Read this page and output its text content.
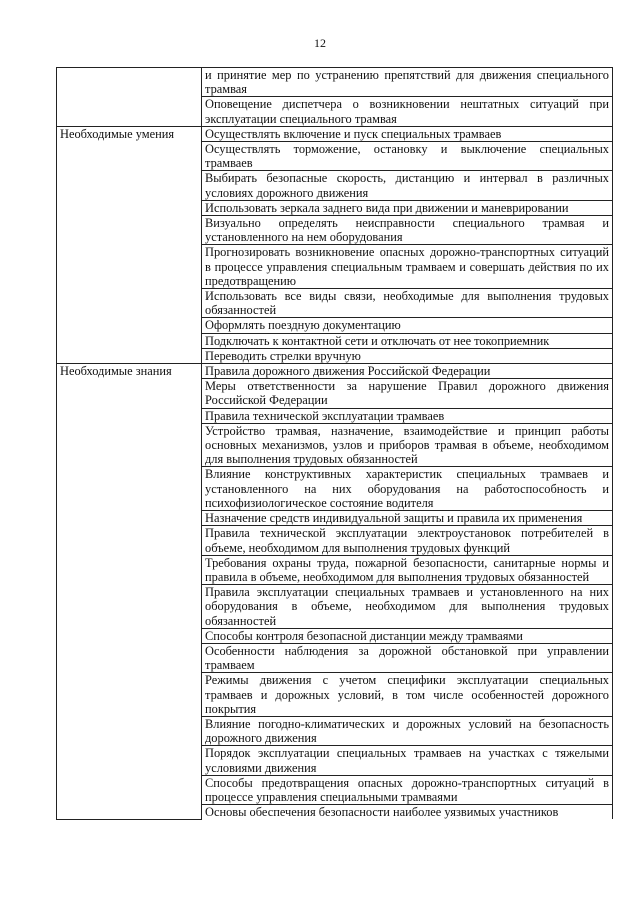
12
	и принятие мер по устранению препятствий для движения специального трамвая
	Оповещение диспетчера о возникновении нештатных ситуаций при эксплуатации специального трамвая
Необходимые умения	Осуществлять включение и пуск специальных трамваев
	Осуществлять торможение, остановку и выключение специальных трамваев
	Выбирать безопасные скорость, дистанцию и интервал в различных условиях дорожного движения
	Использовать зеркала заднего вида при движении и маневрировании
	Визуально определять неисправности специального трамвая и установленного на нем оборудования
	Прогнозировать возникновение опасных дорожно-транспортных ситуаций в процессе управления специальным трамваем и совершать действия по их предотвращению
	Использовать все виды связи, необходимые для выполнения трудовых обязанностей
	Оформлять поездную документацию
	Подключать к контактной сети и отключать от нее токоприемник
	Переводить стрелки вручную
Необходимые знания	Правила дорожного движения Российской Федерации
	Меры ответственности за нарушение Правил дорожного движения Российской Федерации
	Правила технической эксплуатации трамваев
	Устройство трамвая, назначение, взаимодействие и принцип работы основных механизмов, узлов и приборов трамвая в объеме, необходимом для выполнения трудовых обязанностей
	Влияние конструктивных характеристик специальных трамваев и установленного на них оборудования на работоспособность и психофизиологическое состояние водителя
	Назначение средств индивидуальной защиты и правила их применения
	Правила технической эксплуатации электроустановок потребителей в объеме, необходимом для выполнения трудовых функций
	Требования охраны труда, пожарной безопасности, санитарные нормы и правила в объеме, необходимом для выполнения трудовых обязанностей
	Правила эксплуатации специальных трамваев и установленного на них оборудования в объеме, необходимом для выполнения трудовых обязанностей
	Способы контроля безопасной дистанции между трамваями
	Особенности наблюдения за дорожной обстановкой при управлении трамваем
	Режимы движения с учетом специфики эксплуатации специальных трамваев и дорожных условий, в том числе особенностей дорожного покрытия
	Влияние погодно-климатических и дорожных условий на безопасность дорожного движения
	Порядок эксплуатации специальных трамваев на участках с тяжелыми условиями движения
	Способы предотвращения опасных дорожно-транспортных ситуаций в процессе управления специальными трамваями
	Основы обеспечения безопасности наиболее уязвимых участников
